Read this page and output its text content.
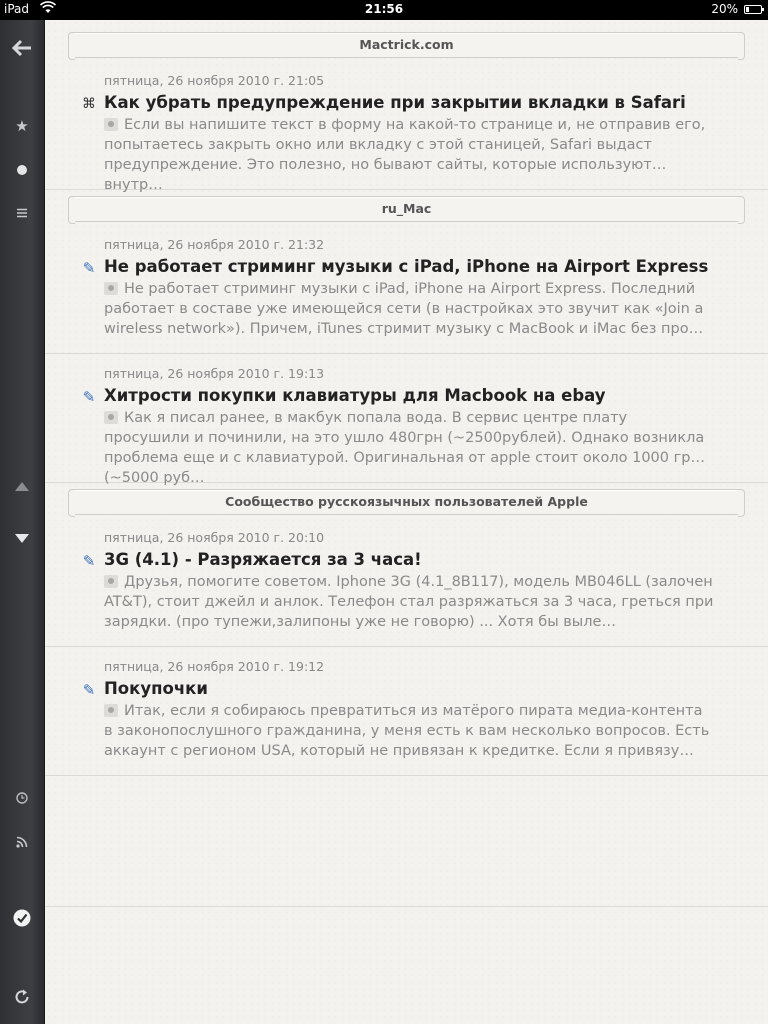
iPad	21:56	20%
★
Mactrick.com
пятница, 26 ноября 2010 г. 21:05
⌘ Как убрать предупреждение при закрытии вкладки в Safari
Если вы напишите текст в форму на какой-то странице и, не отправив его, попытаетесь закрыть окно или вкладку с этой станицей, Safari выдаст предупреждение. Это полезно, но бывают сайты, которые используют внутр…
ru_Mac
пятница, 26 ноября 2010 г. 21:32
✎ Не работает стриминг музыки с iPad, iPhone на Airport Express
Не работает стриминг музыки с iPad, iPhone на Airport Express. Последний работает в составе уже имеющейся сети (в настройках это звучит как «Join a wireless network»). Причем, iTunes стримит музыку с MacBook и iMac без про…
пятница, 26 ноября 2010 г. 19:13
✎ Хитрости покупки клавиатуры для Macbook на ebay
Как я писал ранее, в макбук попала вода. В сервис центре плату просушили и починили, на это ушло 480грн (~2500рублей). Однако возникла проблема еще и с клавиатурой. Оригинальная от apple стоит около 1000 грн (~5000 руб…
Сообщество русскоязычных пользователей Apple
пятница, 26 ноября 2010 г. 20:10
✎ 3G (4.1) - Разряжается за 3 часа!
Друзья, помогите советом. Iphone 3G (4.1_8B117), модель MB046LL (залочен AT&T), стоит джейл и анлок. Телефон стал разряжаться за 3 часа, греться при зарядки. (про тупежи,залипоны уже не говорю) ... Хотя бы выле…
пятница, 26 ноября 2010 г. 19:12
✎ Покупочки
Итак, если я собираюсь превратиться из матёрого пирата медиа-контента в законопослушного гражданина, у меня есть к вам несколько вопросов. Есть аккаунт с регионом USA, который не привязан к кредитке. Если я привязу…
